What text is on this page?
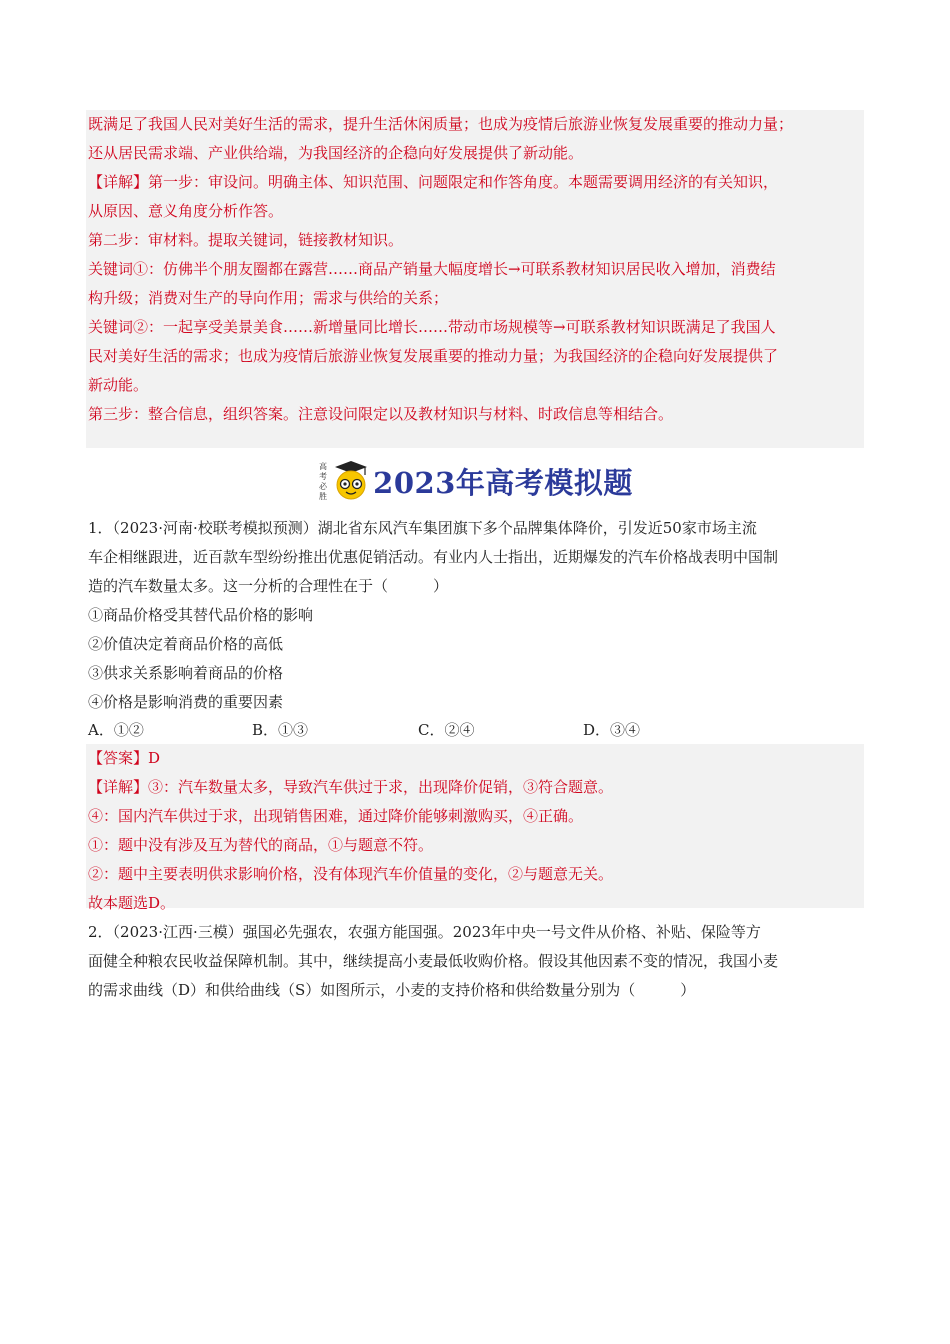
既满足了我国人民对美好生活的需求，提升生活休闲质量；也成为疫情后旅游业恢复发展重要的推动力量；
还从居民需求端、产业供给端，为我国经济的企稳向好发展提供了新动能。
【详解】第一步：审设问。明确主体、知识范围、问题限定和作答角度。本题需要调用经济的有关知识，
从原因、意义角度分析作答。
第二步：审材料。提取关键词，链接教材知识。
关键词①：仿佛半个朋友圈都在露营……商品产销量大幅度增长→可联系教材知识居民收入增加，消费结
构升级；消费对生产的导向作用；需求与供给的关系；
关键词②：一起享受美景美食……新增量同比增长……带动市场规模等→可联系教材知识既满足了我国人
民对美好生活的需求；也成为疫情后旅游业恢复发展重要的推动力量；为我国经济的企稳向好发展提供了
新动能。
第三步：整合信息，组织答案。注意设问限定以及教材知识与材料、时政信息等相结合。
高
考
必
胜 2023年高考模拟题
1．（2023·河南·校联考模拟预测）湖北省东风汽车集团旗下多个品牌集体降价，引发近50家市场主流
车企相继跟进，近百款车型纷纷推出优惠促销活动。有业内人士指出，近期爆发的汽车价格战表明中国制
造的汽车数量太多。这一分析的合理性在于（　　　）
①商品价格受其替代品价格的影响
②价值决定着商品价格的高低
③供求关系影响着商品的价格
④价格是影响消费的重要因素
A．①②	B．①③	C．②④	D．③④
【答案】D
【详解】③：汽车数量太多，导致汽车供过于求，出现降价促销，③符合题意。
④：国内汽车供过于求，出现销售困难，通过降价能够刺激购买，④正确。
①：题中没有涉及互为替代的商品，①与题意不符。
②：题中主要表明供求影响价格，没有体现汽车价值量的变化，②与题意无关。
故本题选D。
2．（2023·江西·三模）强国必先强农，农强方能国强。2023年中央一号文件从价格、补贴、保险等方
面健全种粮农民收益保障机制。其中，继续提高小麦最低收购价格。假设其他因素不变的情况，我国小麦
的需求曲线（D）和供给曲线（S）如图所示，小麦的支持价格和供给数量分别为（　　　）
